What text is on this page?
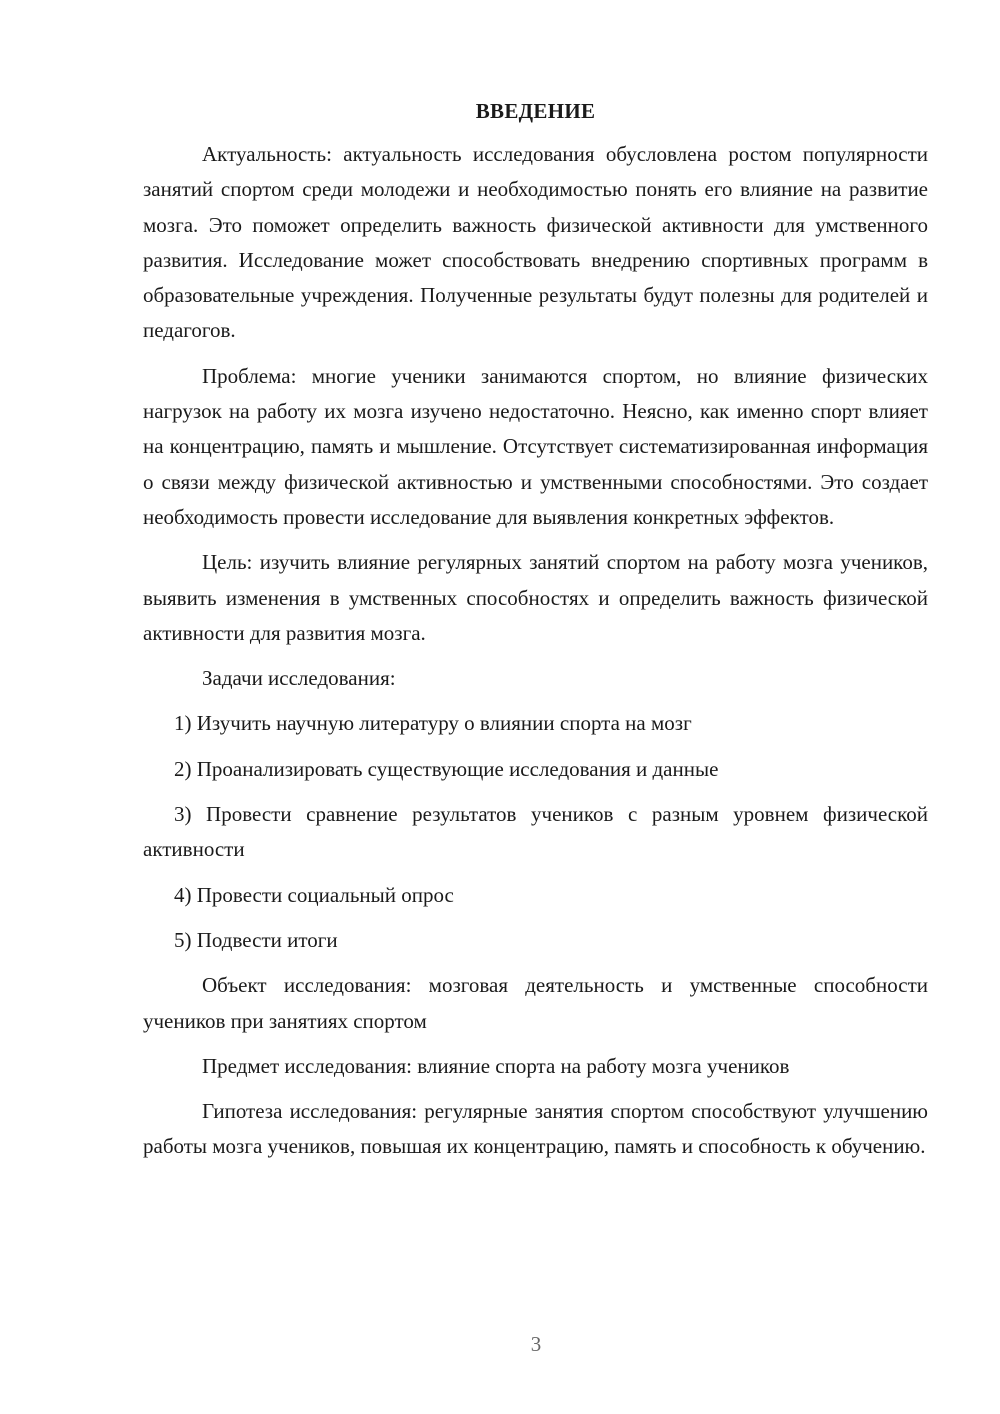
ВВЕДЕНИЕ

Актуальность: актуальность исследования обусловлена ростом популярности занятий спортом среди молодежи и необходимостью понять его влияние на развитие мозга. Это поможет определить важность физической активности для умственного развития. Исследование может способствовать внедрению спортивных программ в образовательные учреждения. Полученные результаты будут полезны для родителей и педагогов.

Проблема: многие ученики занимаются спортом, но влияние физических нагрузок на работу их мозга изучено недостаточно. Неясно, как именно спорт влияет на концентрацию, память и мышление. Отсутствует систематизированная информация о связи между физической активностью и умственными способностями. Это создает необходимость провести исследование для выявления конкретных эффектов.

Цель: изучить влияние регулярных занятий спортом на работу мозга учеников, выявить изменения в умственных способностях и определить важность физической активности для развития мозга.

Задачи исследования:

1) Изучить научную литературу о влиянии спорта на мозг

2) Проанализировать существующие исследования и данные

3) Провести сравнение результатов учеников с разным уровнем физической активности

4) Провести социальный опрос

5) Подвести итоги

Объект исследования: мозговая деятельность и умственные способности учеников при занятиях спортом

Предмет исследования: влияние спорта на работу мозга учеников

Гипотеза исследования: регулярные занятия спортом способствуют улучшению работы мозга учеников, повышая их концентрацию, память и способность к обучению.

3
